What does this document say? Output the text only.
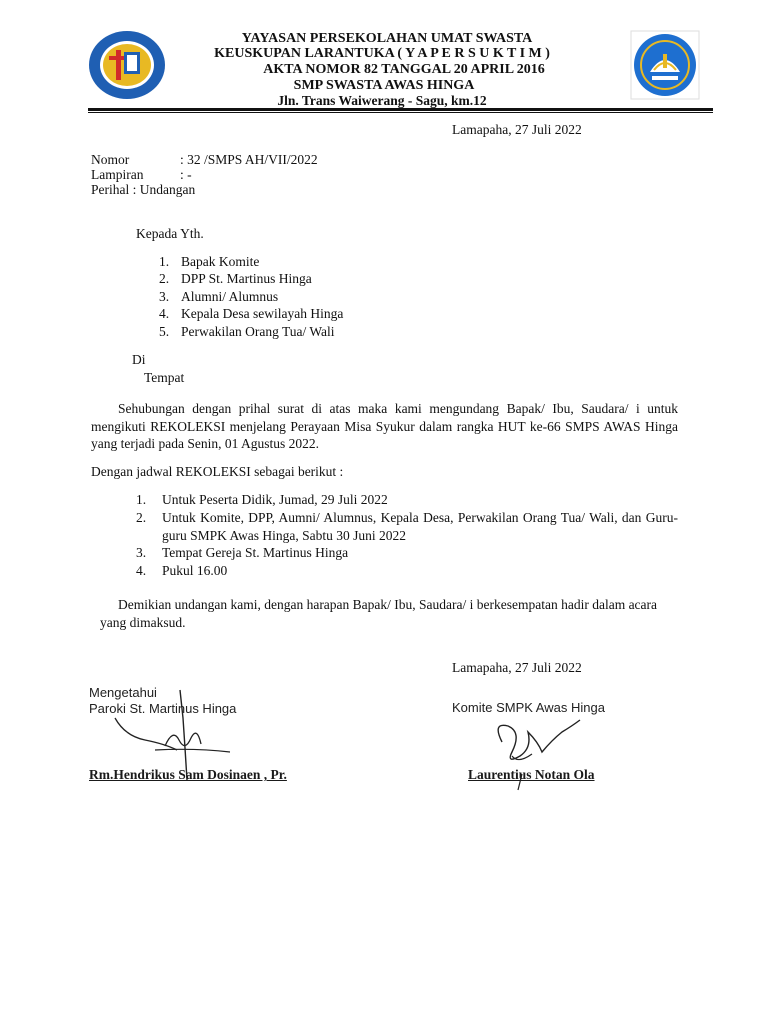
YAYASAN PERSEKOLAHAN UMAT SWASTA
KEUSKUPAN LARANTUKA ( Y A P E R S U K T I M )
AKTA NOMOR 82 TANGGAL 20 APRIL 2016
SMP SWASTA AWAS HINGA
Jln. Trans Waiwerang - Sagu, km.12
Lamapaha, 27 Juli 2022
Nomor	: 32 /SMPS AH/VII/2022
Lampiran	: -
Perihal : Undangan
Kepada Yth.
1. Bapak Komite
2. DPP St. Martinus Hinga
3. Alumni/ Alumnus
4. Kepala Desa sewilayah Hinga
5. Perwakilan Orang Tua/ Wali
Di
Tempat
Sehubungan dengan prihal surat di atas maka kami mengundang Bapak/ Ibu, Saudara/ i untuk mengikuti REKOLEKSI menjelang Perayaan Misa Syukur dalam rangka HUT ke-66 SMPS AWAS Hinga yang terjadi pada Senin, 01 Agustus 2022.
Dengan jadwal REKOLEKSI sebagai berikut :
1. Untuk Peserta Didik, Jumad, 29 Juli 2022
2.	Untuk Komite, DPP, Aumni/ Alumnus, Kepala Desa, Perwakilan Orang Tua/ Wali, dan Guru-guru SMPK Awas Hinga, Sabtu 30 Juni 2022
3. Tempat Gereja St. Martinus Hinga
4. Pukul 16.00
Demikian undangan kami, dengan harapan Bapak/ Ibu, Saudara/ i berkesempatan hadir dalam acara yang dimaksud.
Lamapaha, 27 Juli 2022
Mengetahui
Paroki St. Martinus Hinga
Rm.Hendrikus Sam Dosinaen , Pr.
Komite SMPK Awas Hinga
Laurentius Notan Ola
